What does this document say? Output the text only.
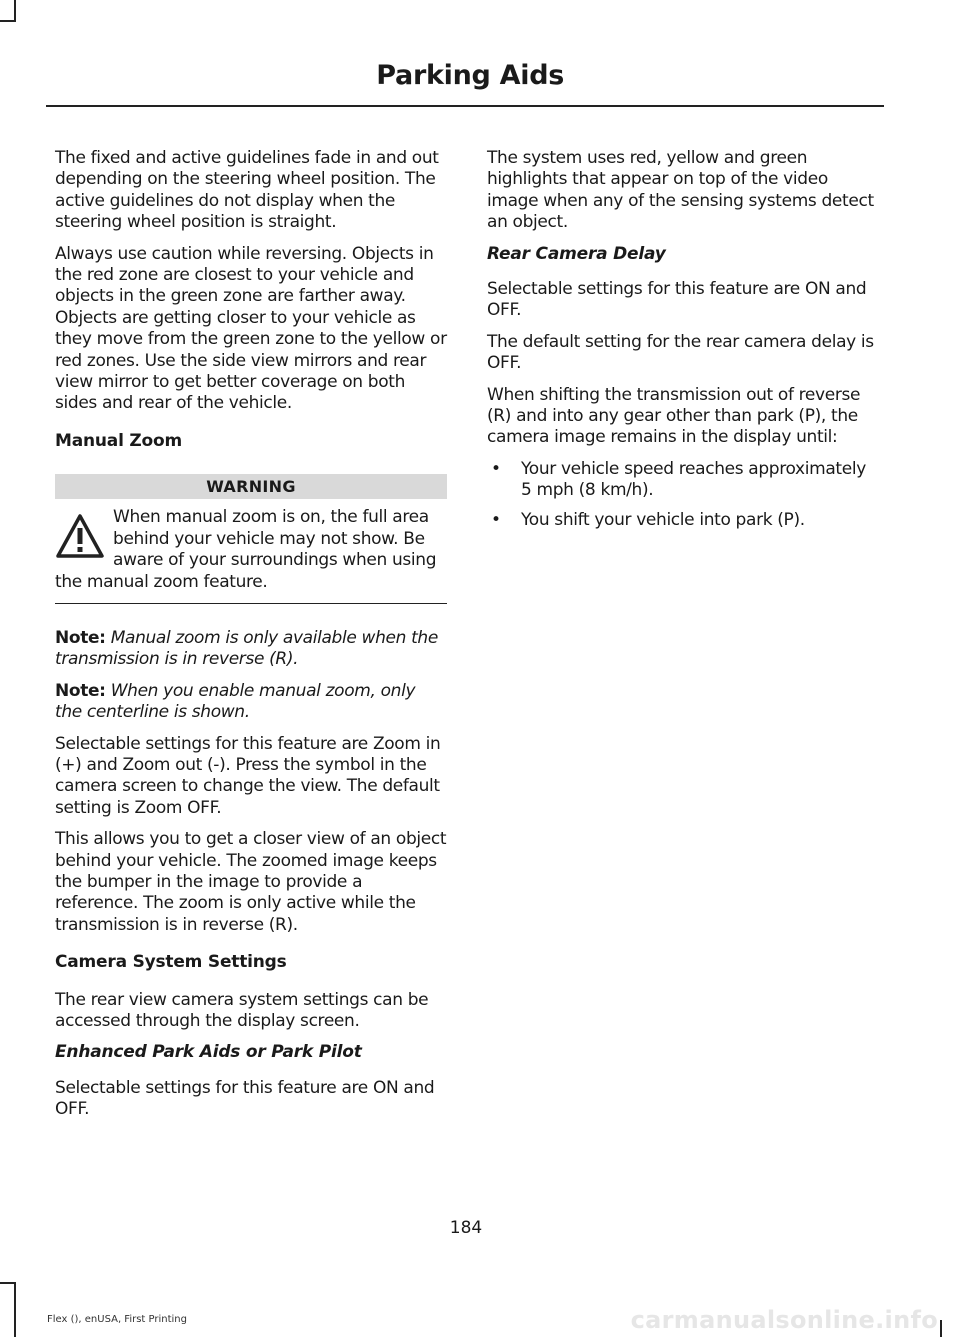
Parking Aids

The fixed and active guidelines fade in and out depending on the steering wheel position. The active guidelines do not display when the steering wheel position is straight.

Always use caution while reversing. Objects in the red zone are closest to your vehicle and objects in the green zone are farther away. Objects are getting closer to your vehicle as they move from the green zone to the yellow or red zones. Use the side view mirrors and rear view mirror to get better coverage on both sides and rear of the vehicle.

Manual Zoom
WARNING
When manual zoom is on, the full area behind your vehicle may not show. Be aware of your surroundings when using the manual zoom feature.

Note: Manual zoom is only available when the transmission is in reverse (R).

Note: When you enable manual zoom, only the centerline is shown.

Selectable settings for this feature are Zoom in (+) and Zoom out (-). Press the symbol in the camera screen to change the view. The default setting is Zoom OFF.

This allows you to get a closer view of an object behind your vehicle. The zoomed image keeps the bumper in the image to provide a reference. The zoom is only active while the transmission is in reverse (R).

Camera System Settings

The rear view camera system settings can be accessed through the display screen.

Enhanced Park Aids or Park Pilot

Selectable settings for this feature are ON and OFF.

The system uses red, yellow and green highlights that appear on top of the video image when any of the sensing systems detect an object.

Rear Camera Delay

Selectable settings for this feature are ON and OFF.

The default setting for the rear camera delay is OFF.

When shifting the transmission out of reverse (R) and into any gear other than park (P), the camera image remains in the display until:

• Your vehicle speed reaches approximately 5 mph (8 km/h).
• You shift your vehicle into park (P).
184
Flex (), enUSA, First Printing	carmanualsonline.info
